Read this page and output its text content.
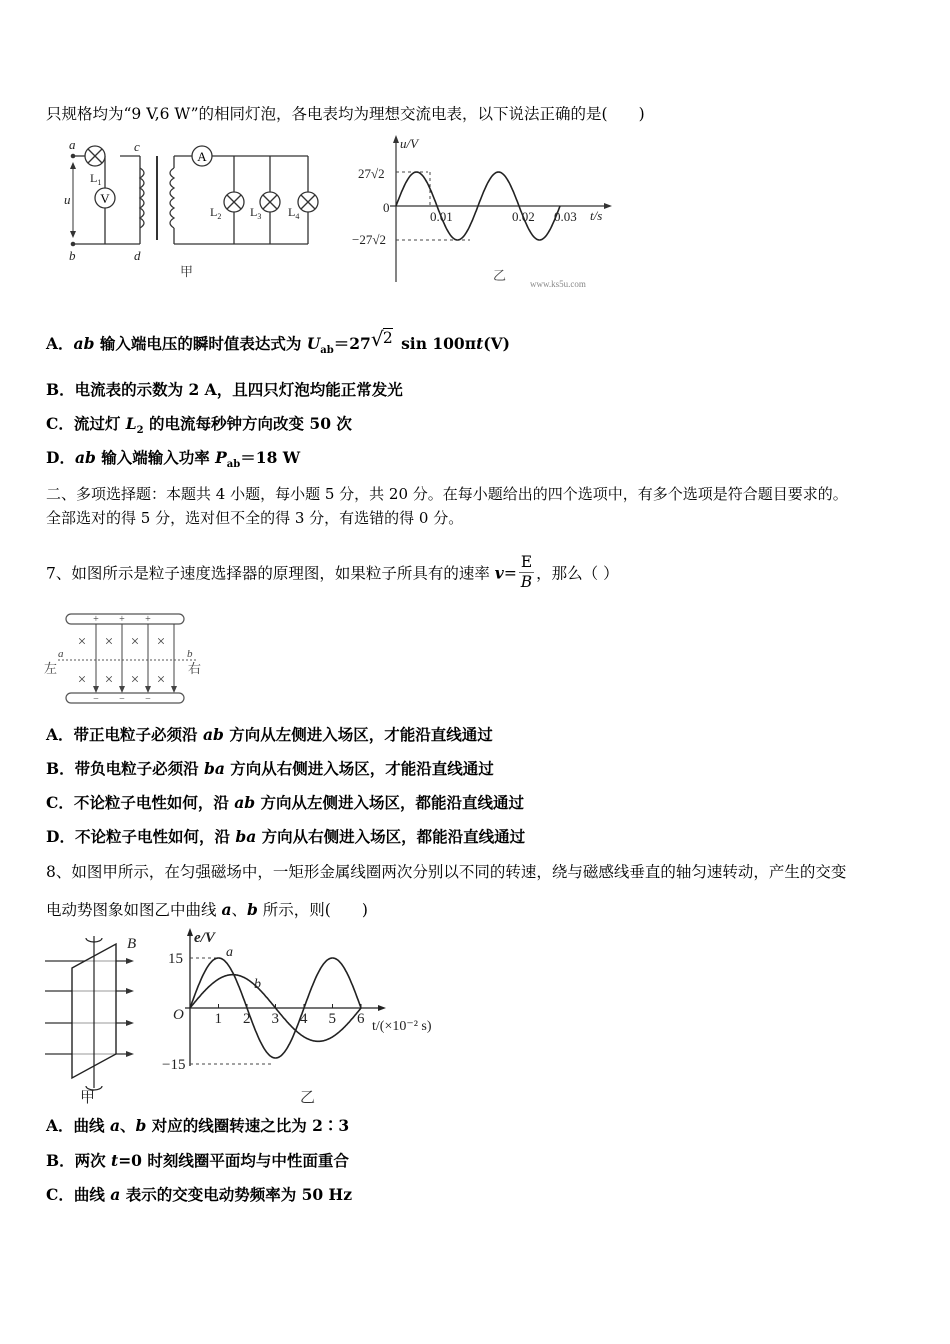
只规格均为“9 V,6 W”的相同灯泡，各电表均为理想交流电表，以下说法正确的是(　　)
V
A
a
b
c
d
u
$L_1$
$L_2$ $L_3$ $L_4$
甲
u/V
27√2
0
−27√2
0.01	0.02 0.03 t/s
乙
www.ks5u.com
A．ab 输入端电压的瞬时值表达式为 $U_{ab}=27$ √ 2 sin 100πt(V)
B．电流表的示数为 2 A，且四只灯泡均能正常发光
C．流过灯 $L_2$ 的电流每秒钟方向改变 50 次
D．ab 输入端输入功率 $P_{ab}=18$ W
二、多项选择题：本题共 4 小题，每小题 5 分，共 20 分。在每小题给出的四个选项中，有多个选项是符合题目要求的。
全部选对的得 5 分，选对但不全的得 3 分，有选错的得 0 分。
7、如图所示是粒子速度选择器的原理图，如果粒子所具有的速率 $v= \frac{E}{B}$ ，那么（ ）
× × × ×
× × × ×
+ + +
− − −
a	b
左	右
A．带正电粒子必须沿 ab 方向从左侧进入场区，才能沿直线通过
B．带负电粒子必须沿 ba 方向从右侧进入场区，才能沿直线通过
C．不论粒子电性如何，沿 ab 方向从左侧进入场区，都能沿直线通过
D．不论粒子电性如何，沿 ba 方向从右侧进入场区，都能沿直线通过
8、如图甲所示，在匀强磁场中，一矩形金属线圈两次分别以不同的转速，绕与磁感线垂直的轴匀速转动，产生的交变
电动势图象如图乙中曲线 a、b 所示，则(　　)
B
甲
1 2 3 4 5 6
e/V
15
−15
O
a
b
t/(×10⁻² s)
乙
A．曲线 a、b 对应的线圈转速之比为 2∶3
B．两次 t=0 时刻线圈平面均与中性面重合
C．曲线 a 表示的交变电动势频率为 50 Hz
